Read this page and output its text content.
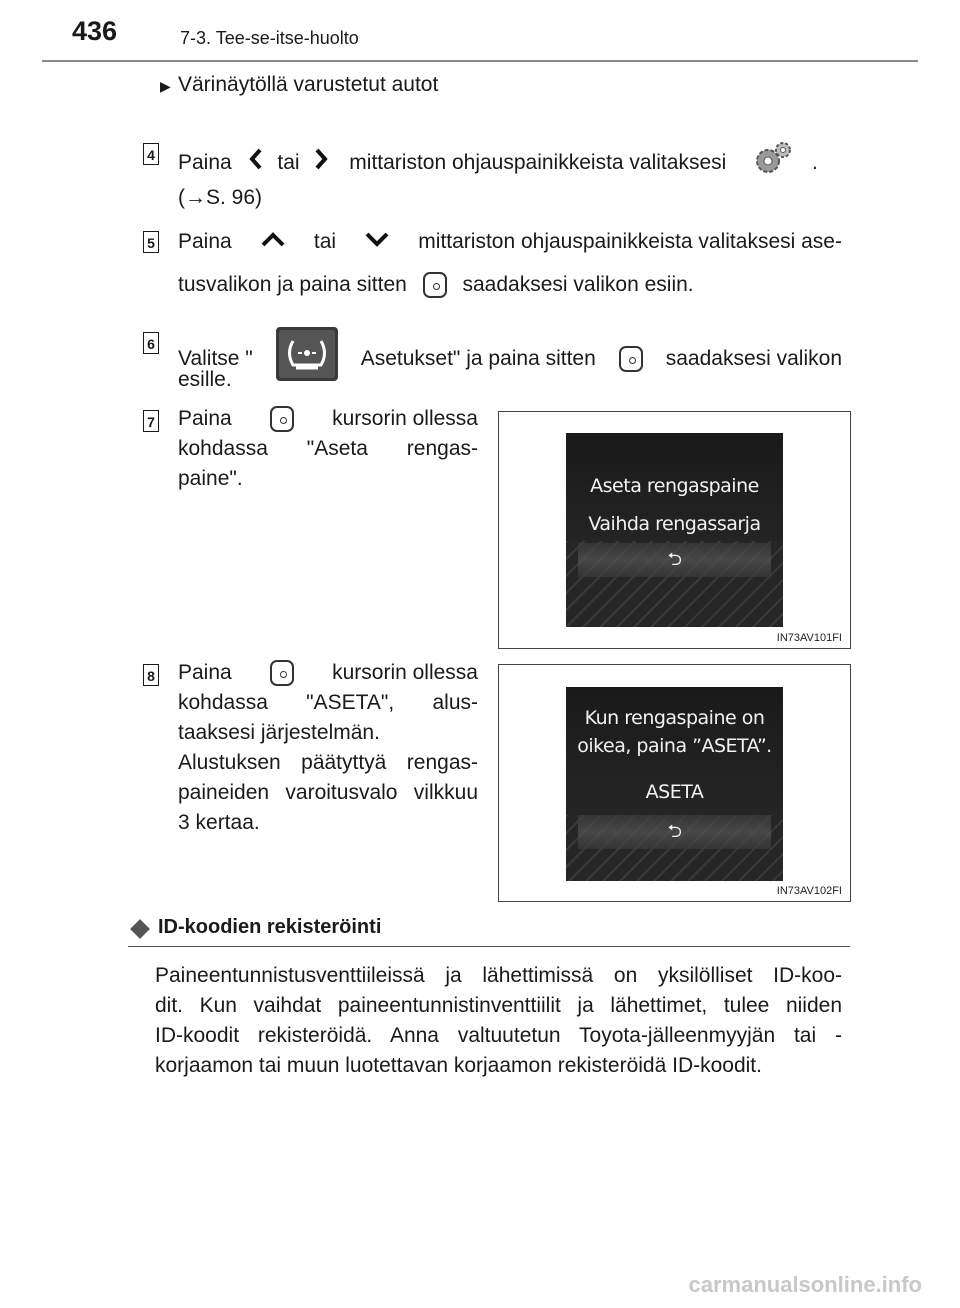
436	7-3. Tee-se-itse-huolto
▶ Värinäytöllä varustetut autot
4 Paina tai mittariston ohjauspainikkeista valitaksesi	.
(→S. 96)
5 Paina	tai	mittariston ohjauspainikkeista valitaksesi ase-
tusvalikon ja paina sitten	saadaksesi valikon esiin.
6
Valitse "	Asetukset" ja paina sitten	saadaksesi valikon
esille.
7 Paina	kursorin ollessa
kohdassa "Aseta rengas-
paine".	Aseta rengaspaine
Vaihda rengassarja
⮌
IN73AV101FI
8 Paina	kursorin ollessa
kohdassa "ASETA", alus-
taaksesi järjestelmän.
Alustuksen päätyttyä rengas-
paineiden varoitusvalo vilkkuu
3 kertaa.
Kun rengaspaine on
oikea, paina ”ASETA”.
ASETA
⮌
IN73AV102FI
ID-koodien rekisteröinti
Paineentunnistusventtiileissä ja lähettimissä on yksilölliset ID-koo-
dit. Kun vaihdat paineentunnistinventtiilit ja lähettimet, tulee niiden
ID-koodit rekisteröidä. Anna valtuutetun Toyota-jälleenmyyjän tai -
korjaamon tai muun luotettavan korjaamon rekisteröidä ID-koodit.
carmanualsonline.info
